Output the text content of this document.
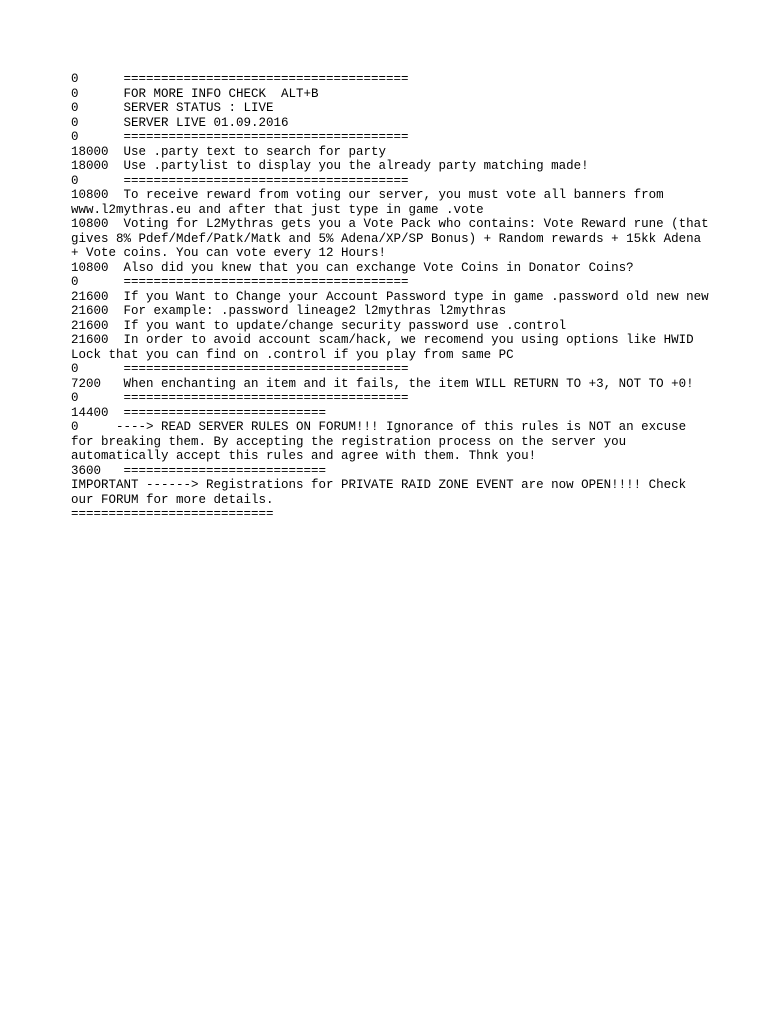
0      ======================================

0      FOR MORE INFO CHECK  ALT+B

0      SERVER STATUS : LIVE

0      SERVER LIVE 01.09.2016

0      ======================================

18000  Use .party text to search for party

18000  Use .partylist to display you the already party matching made!

0      ======================================

10800  To receive reward from voting our server, you must vote all banners from www.l2mythras.eu and after that just type in game .vote

10800  Voting for L2Mythras gets you a Vote Pack who contains: Vote Reward rune (that gives 8% Pdef/Mdef/Patk/Matk and 5% Adena/XP/SP Bonus) + Random rewards + 15kk Adena + Vote coins. You can vote every 12 Hours!

10800  Also did you knew that you can exchange Vote Coins in Donator Coins?

0      ======================================

21600  If you Want to Change your Account Password type in game .password old new new

21600  For example: .password lineage2 l2mythras l2mythras

21600  If you want to update/change security password use .control

21600  In order to avoid account scam/hack, we recomend you using options like HWID Lock that you can find on .control if you play from same PC

0      ======================================

7200   When enchanting an item and it fails, the item WILL RETURN TO +3, NOT TO +0!

0      ======================================

14400  ===========================

0     ----> READ SERVER RULES ON FORUM!!! Ignorance of this rules is NOT an excuse for breaking them. By accepting the registration process on the server you automatically accept this rules and agree with them. Thnk you!

3600   ===========================

IMPORTANT ------> Registrations for PRIVATE RAID ZONE EVENT are now OPEN!!!! Check our FORUM for more details.

===========================
